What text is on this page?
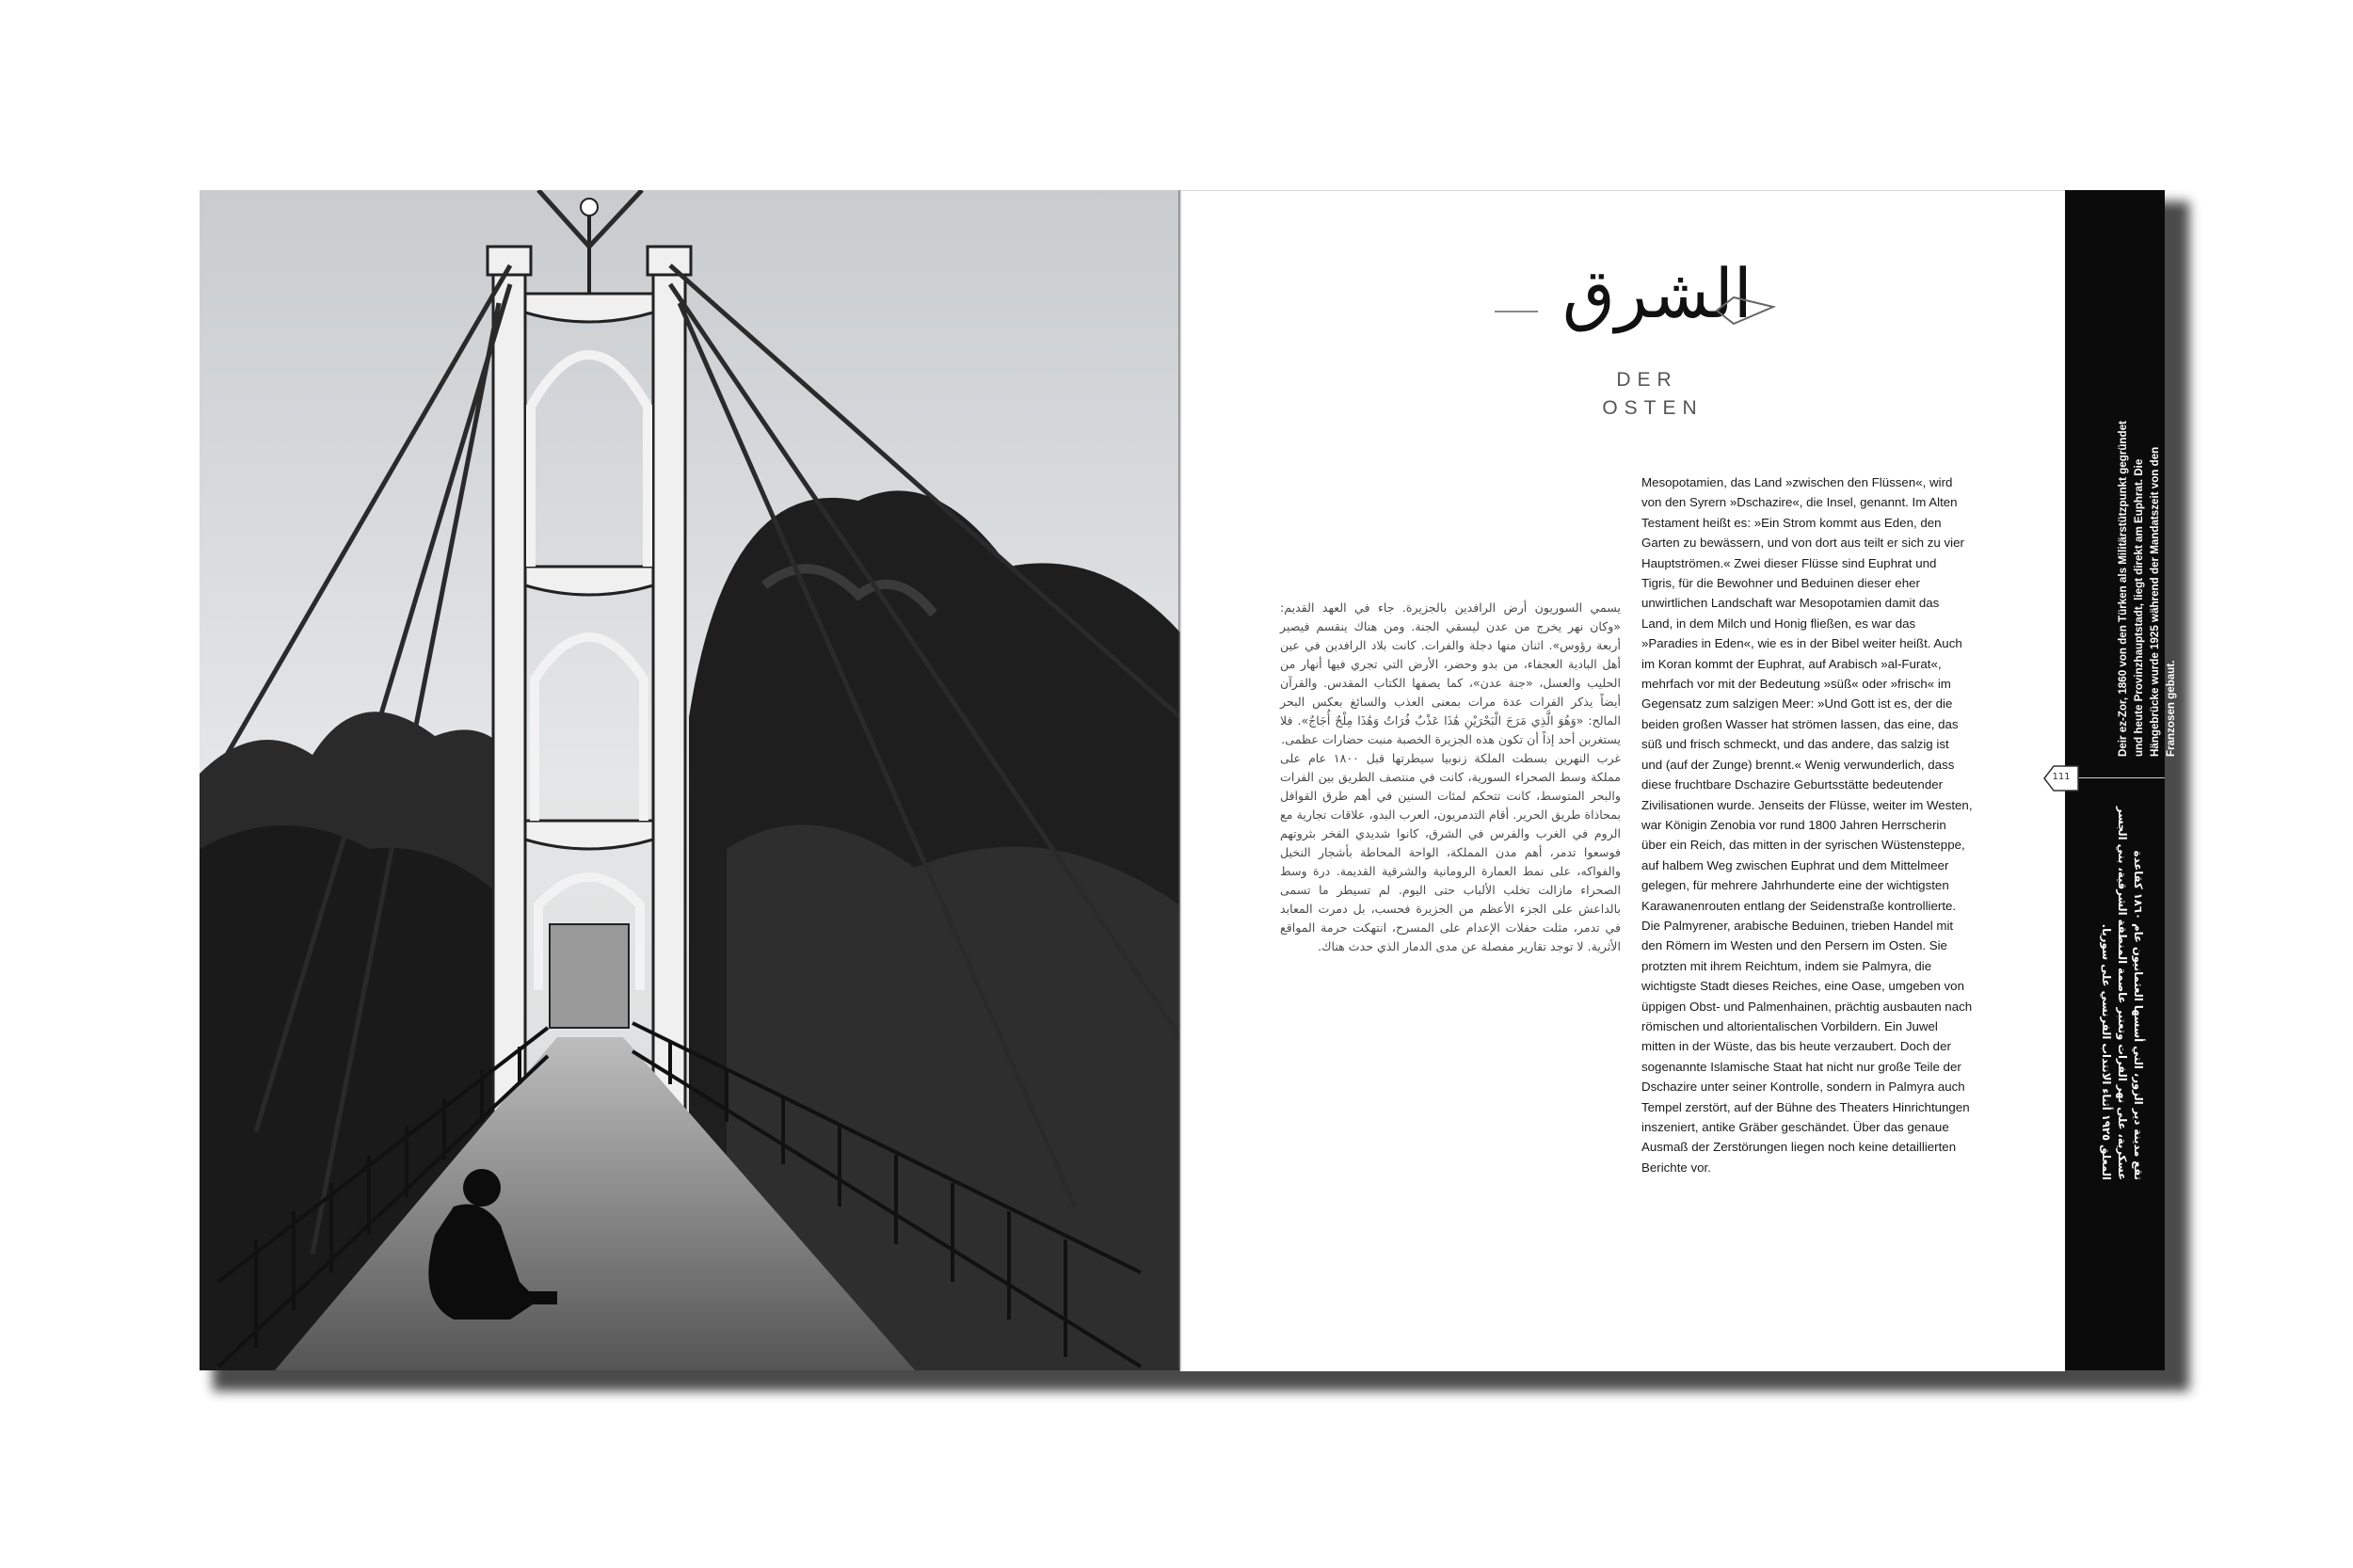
الشرق
DER
OSTEN

يسمي السوريون أرض الرافدين بالجزيرة. جاء في العهد القديم: «وكان نهر يخرج من عدن ليسقي الجنة. ومن هناك ينقسم فيصير أربعة رؤوس». اثنان منها دجلة والفرات. كانت بلاد الرافدين في عين أهل البادية العجفاء، من بدو وحضر، الأرض التي تجري فيها أنهار من الحليب والعسل، «جنة عدن»، كما يصفها الكتاب المقدس. والقرآن أيضاً يذكر الفرات عدة مرات بمعنى العذب والسائغ بعكس البحر المالح: «وَهُوَ الَّذِي مَرَجَ الْبَحْرَيْنِ هَٰذَا عَذْبٌ فُرَاتٌ وَهَٰذَا مِلْحٌ أُجَاجٌ». فلا يستغربن أحد إذاً أن تكون هذه الجزيرة الخصبة منبت حضارات عظمى.

غرب النهرين بسطت الملكة زنوبيا سيطرتها قبل ١٨٠٠ عام على مملكة وسط الصحراء السورية، كانت في منتصف الطريق بين الفرات والبحر المتوسط، كانت تتحكم لمئات السنين في أهم طرق القوافل بمحاذاة طريق الحرير. أقام التدمريون، العرب البدو، علاقات تجارية مع الروم في الغرب والفرس في الشرق، كانوا شديدي الفخر بثروتهم فوسعوا تدمر، أهم مدن المملكة، الواحة المحاطة بأشجار النخيل والفواكه، على نمط العمارة الرومانية والشرقية القديمة. درة وسط الصحراء مازالت تخلب الألباب حتى اليوم. لم تسيطر ما تسمى بالداعش على الجزء الأعظم من الجزيرة فحسب، بل دمرت المعابد في تدمر، مثلت حفلات الإعدام على المسرح، انتهكت حرمة المواقع الأثرية. لا توجد تقارير مفصلة عن مدى الدمار الذي حدث هناك.

Mesopotamien, das Land »zwischen den Flüssen«, wird von den Syrern »Dschazire«, die Insel, genannt. Im Alten Testament heißt es: »Ein Strom kommt aus Eden, den Garten zu bewässern, und von dort aus teilt er sich zu vier Hauptströmen.« Zwei dieser Flüsse sind Euphrat und Tigris, für die Bewohner und Beduinen dieser eher unwirtlichen Landschaft war Mesopotamien damit das Land, in dem Milch und Honig fließen, es war das »Paradies in Eden«, wie es in der Bibel weiter heißt. Auch im Koran kommt der Euphrat, auf Arabisch »al-Furat«, mehrfach vor mit der Bedeutung »süß« oder »frisch« im Gegensatz zum salzigen Meer: »Und Gott ist es, der die beiden großen Wasser hat strömen lassen, das eine, das süß und frisch schmeckt, und das andere, das salzig ist und (auf der Zunge) brennt.« Wenig verwunderlich, dass diese fruchtbare Dschazire Geburtsstätte bedeutender Zivilisationen wurde. Jenseits der Flüsse, weiter im Westen, war Königin Zenobia vor rund 1800 Jahren Herrscherin über ein Reich, das mitten in der syrischen Wüstensteppe, auf halbem Weg zwischen Euphrat und dem Mittelmeer gelegen, für mehrere Jahrhunderte eine der wichtigsten Karawanenrouten entlang der Seidenstraße kontrollierte. Die Palmyrener, arabische Beduinen, trieben Handel mit den Römern im Westen und den Persern im Osten. Sie protzten mit ihrem Reichtum, indem sie Palmyra, die wichtigste Stadt dieses Reiches, eine Oase, umgeben von üppigen Obst- und Palmenhainen, prächtig ausbauten nach römischen und altorientalischen Vorbildern. Ein Juwel mitten in der Wüste, das bis heute verzaubert. Doch der sogenannte Islamische Staat hat nicht nur große Teile der Dschazire unter seiner Kontrolle, sondern in Palmyra auch Tempel zerstört, auf der Bühne des Theaters Hinrichtungen inszeniert, antike Gräber geschändet. Über das genaue Ausmaß der Zerstörungen liegen noch keine detaillierten Berichte vor.

Deir ez-Zor, 1860 von den Türken als Militärstützpunkt gegründet und heute Provinzhauptstadt, liegt direkt am Euphrat. Die Hängebrücke wurde 1925 während der Mandatszeit von den Franzosen gebaut.
تقع مدينة دير الزور، التي أسسها العثمانيون عام ١٨٦٠ كقاعدة عسكرية، على نهر الفرات وتعتبر عاصمة المنطقة الشرقية، بني الجسر المعلق ١٩٢٥ أثناء الانتداب الفرنسي على سوريا.
111
